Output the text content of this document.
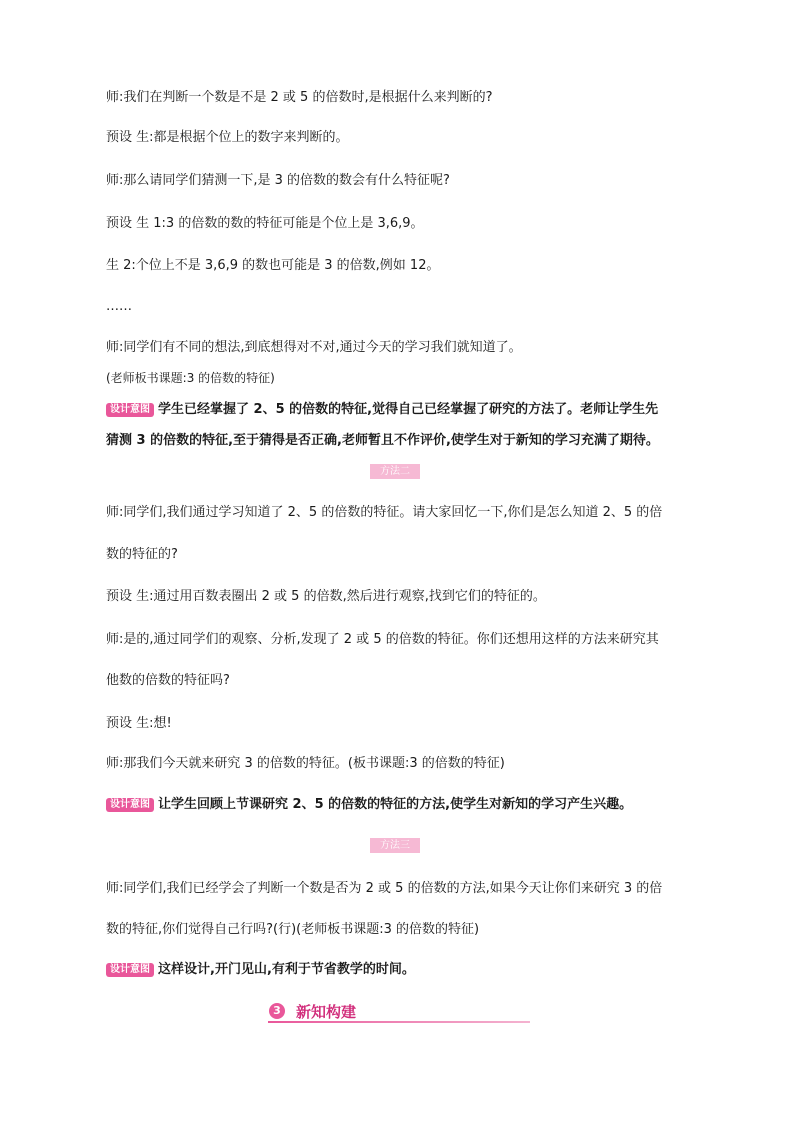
师:我们在判断一个数是不是 2 或 5 的倍数时,是根据什么来判断的?
预设 生:都是根据个位上的数字来判断的。
师:那么请同学们猜测一下,是 3 的倍数的数会有什么特征呢?
预设 生 1:3 的倍数的数的特征可能是个位上是 3,6,9。
生 2:个位上不是 3,6,9 的数也可能是 3 的倍数,例如 12。
……
师:同学们有不同的想法,到底想得对不对,通过今天的学习我们就知道了。
(老师板书课题:3 的倍数的特征)
设计意图 学生已经掌握了 2、5 的倍数的特征,觉得自己已经掌握了研究的方法了。老师让学生先
猜测 3 的倍数的特征,至于猜得是否正确,老师暂且不作评价,使学生对于新知的学习充满了期待。
方法二
师:同学们,我们通过学习知道了 2、5 的倍数的特征。请大家回忆一下,你们是怎么知道 2、5 的倍
数的特征的?
预设 生:通过用百数表圈出 2 或 5 的倍数,然后进行观察,找到它们的特征的。
师:是的,通过同学们的观察、分析,发现了 2 或 5 的倍数的特征。你们还想用这样的方法来研究其
他数的倍数的特征吗?
预设 生:想!
师:那我们今天就来研究 3 的倍数的特征。(板书课题:3 的倍数的特征)
设计意图 让学生回顾上节课研究 2、5 的倍数的特征的方法,使学生对新知的学习产生兴趣。
方法三
师:同学们,我们已经学会了判断一个数是否为 2 或 5 的倍数的方法,如果今天让你们来研究 3 的倍
数的特征,你们觉得自己行吗?(行)(老师板书课题:3 的倍数的特征)
设计意图 这样设计,开门见山,有利于节省教学的时间。
3 新知构建
